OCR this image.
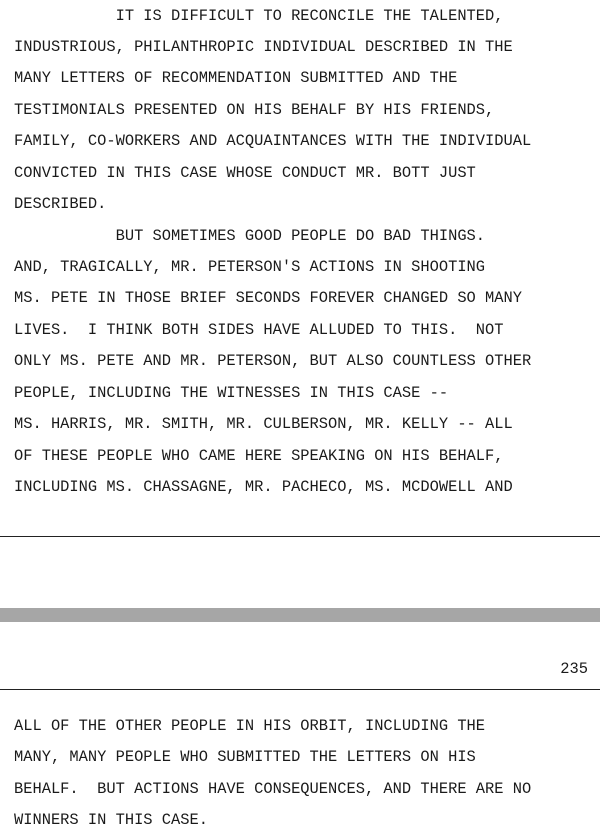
IT IS DIFFICULT TO RECONCILE THE TALENTED,
INDUSTRIOUS, PHILANTHROPIC INDIVIDUAL DESCRIBED IN THE
MANY LETTERS OF RECOMMENDATION SUBMITTED AND THE
TESTIMONIALS PRESENTED ON HIS BEHALF BY HIS FRIENDS,
FAMILY, CO-WORKERS AND ACQUAINTANCES WITH THE INDIVIDUAL
CONVICTED IN THIS CASE WHOSE CONDUCT MR. BOTT JUST
DESCRIBED.
BUT SOMETIMES GOOD PEOPLE DO BAD THINGS.
AND, TRAGICALLY, MR. PETERSON'S ACTIONS IN SHOOTING
MS. PETE IN THOSE BRIEF SECONDS FOREVER CHANGED SO MANY
LIVES.  I THINK BOTH SIDES HAVE ALLUDED TO THIS.  NOT
ONLY MS. PETE AND MR. PETERSON, BUT ALSO COUNTLESS OTHER
PEOPLE, INCLUDING THE WITNESSES IN THIS CASE --
MS. HARRIS, MR. SMITH, MR. CULBERSON, MR. KELLY -- ALL
OF THESE PEOPLE WHO CAME HERE SPEAKING ON HIS BEHALF,
INCLUDING MS. CHASSAGNE, MR. PACHECO, MS. MCDOWELL AND
235
ALL OF THE OTHER PEOPLE IN HIS ORBIT, INCLUDING THE
MANY, MANY PEOPLE WHO SUBMITTED THE LETTERS ON HIS
BEHALF.  BUT ACTIONS HAVE CONSEQUENCES, AND THERE ARE NO
WINNERS IN THIS CASE.
